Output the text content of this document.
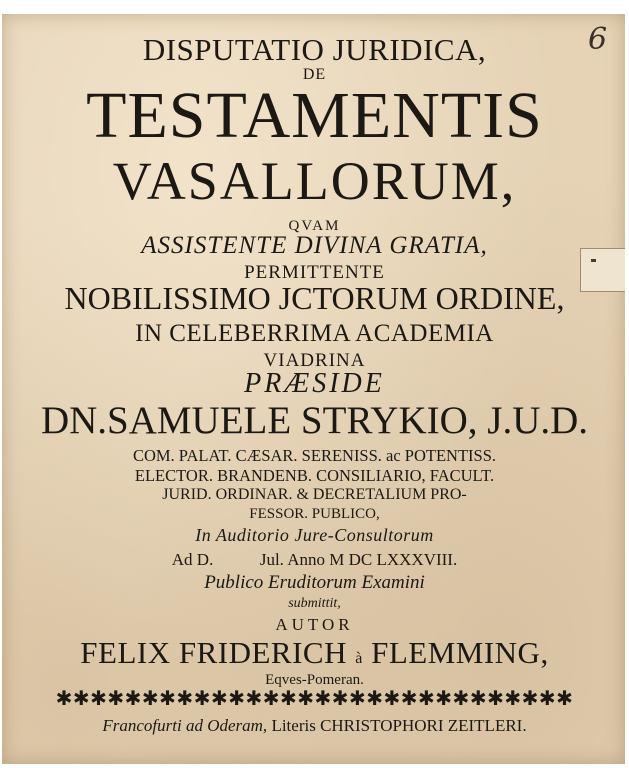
6
DISPUTATIO JURIDICA,
DE
TESTAMENTIS
VASALLORUM,
QVAM
ASSISTENTE DIVINA GRATIA,
PERMITTENTE
NOBILISSIMO JCTORUM ORDINE,
IN CELEBERRIMA ACADEMIA
VIADRINA
PRÆSIDE
DN.SAMUELE STRYKIO, J.U.D.
COM. PALAT. CÆSAR. SERENISS. ac POTENTISS.
ELECTOR. BRANDENB. CONSILIARIO, FACULT.
JURID. ORDINAR. & DECRETALIUM PRO-
FESSOR. PUBLICO,
In Auditorio Jure-Consultorum
Ad D.	Jul. Anno M DC LXXXVIII.
Publico Eruditorum Examini
submittit,
AUTOR
FELIX FRIDERICH à FLEMMING,
Eqves-Pomeran.
✱✱✱✱✱✱✱✱✱✱✱✱✱✱✱✱✱✱✱✱✱✱✱✱✱✱✱✱✱✱
Francofurti ad Oderam, Literis CHRISTOPHORI ZEITLERI.
